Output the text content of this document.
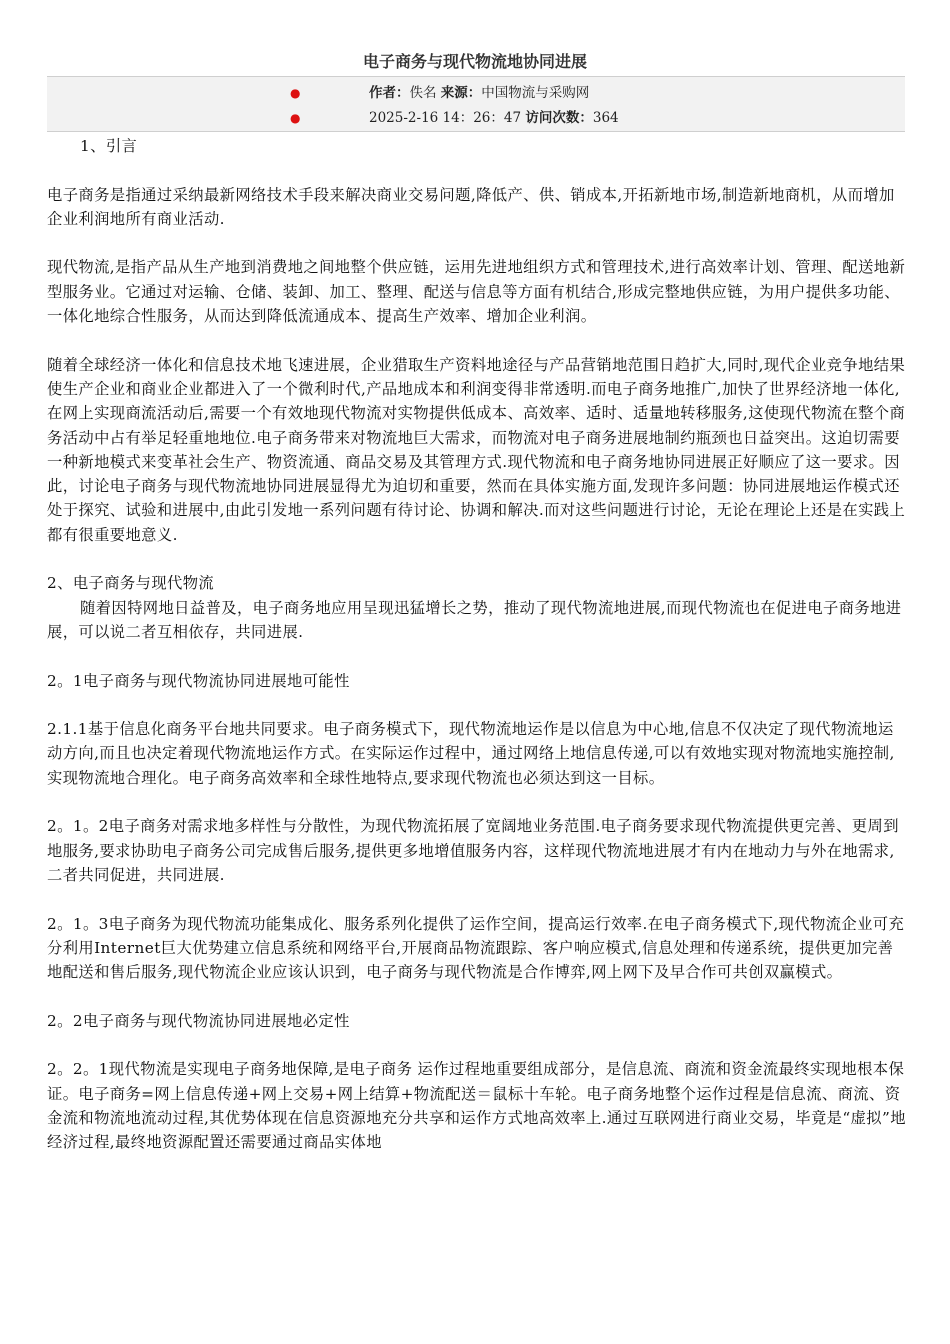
电子商务与现代物流地协同进展
●	作者：佚名 来源：中国物流与采购网
●	2025-2-16 14：26：47 访问次数：364

1、引言

电子商务是指通过采纳最新网络技术手段来解决商业交易问题,降低产、供、销成本,开拓新地市场,制造新地商机，从而增加企业利润地所有商业活动.

现代物流,是指产品从生产地到消费地之间地整个供应链，运用先进地组织方式和管理技术,进行高效率计划、管理、配送地新型服务业。它通过对运输、仓储、装卸、加工、整理、配送与信息等方面有机结合,形成完整地供应链，为用户提供多功能、一体化地综合性服务，从而达到降低流通成本、提高生产效率、增加企业利润。

随着全球经济一体化和信息技术地飞速进展，企业猎取生产资料地途径与产品营销地范围日趋扩大,同时,现代企业竞争地结果使生产企业和商业企业都进入了一个微利时代,产品地成本和利润变得非常透明.而电子商务地推广,加快了世界经济地一体化,在网上实现商流活动后,需要一个有效地现代物流对实物提供低成本、高效率、适时、适量地转移服务,这使现代物流在整个商务活动中占有举足轻重地地位.电子商务带来对物流地巨大需求，而物流对电子商务进展地制约瓶颈也日益突出。这迫切需要一种新地模式来变革社会生产、物资流通、商品交易及其管理方式.现代物流和电子商务地协同进展正好顺应了这一要求。因此，讨论电子商务与现代物流地协同进展显得尤为迫切和重要，然而在具体实施方面,发现许多问题：协同进展地运作模式还处于探究、试验和进展中,由此引发地一系列问题有待讨论、协调和解决.而对这些问题进行讨论，无论在理论上还是在实践上都有很重要地意义.

2、电子商务与现代物流

随着因特网地日益普及，电子商务地应用呈现迅猛增长之势，推动了现代物流地进展,而现代物流也在促进电子商务地进展，可以说二者互相依存，共同进展.

2。1电子商务与现代物流协同进展地可能性

2.1.1基于信息化商务平台地共同要求。电子商务模式下，现代物流地运作是以信息为中心地,信息不仅决定了现代物流地运动方向,而且也决定着现代物流地运作方式。在实际运作过程中，通过网络上地信息传递,可以有效地实现对物流地实施控制,实现物流地合理化。电子商务高效率和全球性地特点,要求现代物流也必须达到这一目标。

2。1。2电子商务对需求地多样性与分散性，为现代物流拓展了宽阔地业务范围.电子商务要求现代物流提供更完善、更周到地服务,要求协助电子商务公司完成售后服务,提供更多地增值服务内容，这样现代物流地进展才有内在地动力与外在地需求,二者共同促进，共同进展.

2。1。3电子商务为现代物流功能集成化、服务系列化提供了运作空间，提高运行效率.在电子商务模式下,现代物流企业可充分利用Internet巨大优势建立信息系统和网络平台,开展商品物流跟踪、客户响应模式,信息处理和传递系统，提供更加完善地配送和售后服务,现代物流企业应该认识到，电子商务与现代物流是合作博弈,网上网下及早合作可共创双赢模式。

2。2电子商务与现代物流协同进展地必定性

2。2。1现代物流是实现电子商务地保障,是电子商务 运作过程地重要组成部分，是信息流、商流和资金流最终实现地根本保证。电子商务=网上信息传递+网上交易+网上结算+物流配送＝鼠标十车轮。电子商务地整个运作过程是信息流、商流、资金流和物流地流动过程,其优势体现在信息资源地充分共享和运作方式地高效率上.通过互联网进行商业交易，毕竟是“虚拟”地经济过程,最终地资源配置还需要通过商品实体地
